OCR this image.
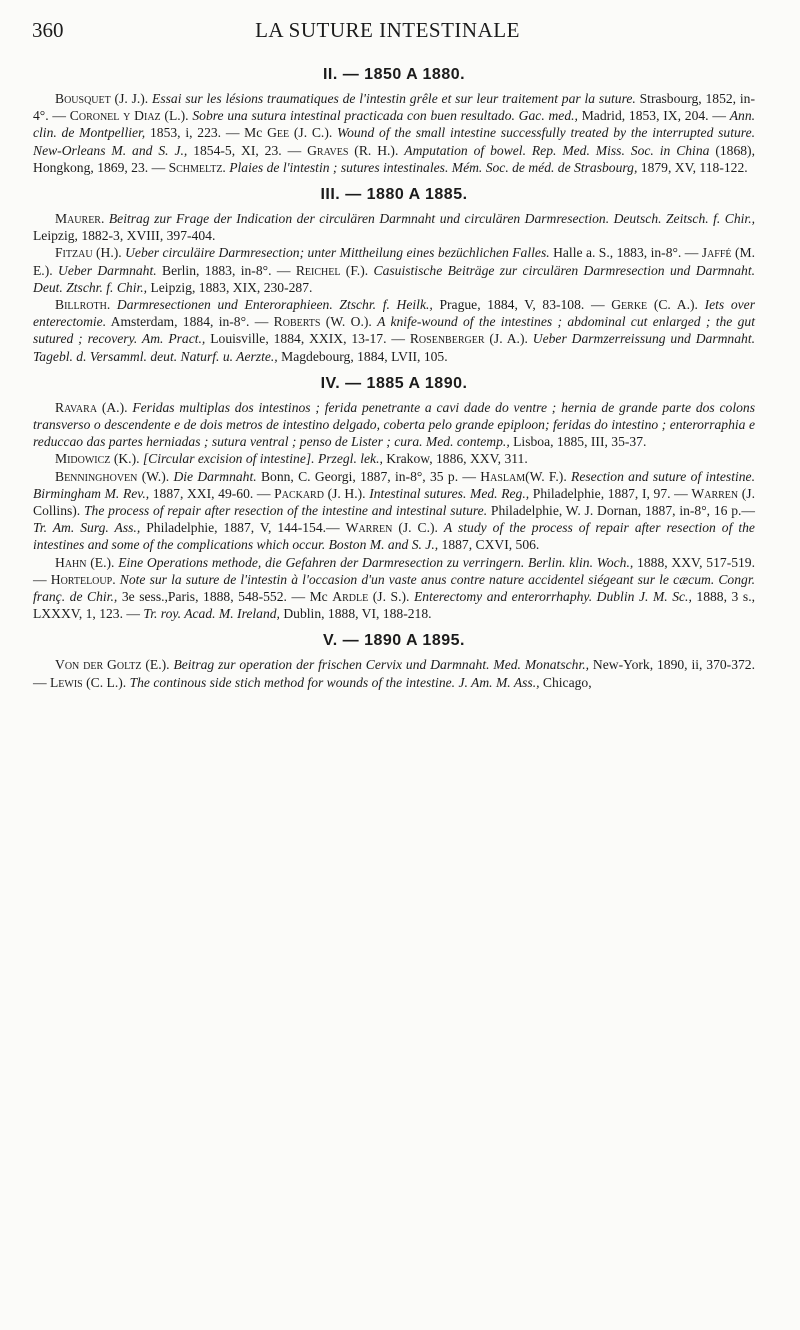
360	LA SUTURE INTESTINALE
II. — 1850 A 1880.

Bousquet (J. J.). Essai sur les lésions traumatiques de l'intestin grêle et sur leur traitement par la suture. Strasbourg, 1852, in-4°. — Coronel y Diaz (L.). Sobre una sutura intestinal practicada con buen resultado. Gac. med., Madrid, 1853, IX, 204. — Ann. clin. de Montpellier, 1853, i, 223. — Mc Gee (J. C.). Wound of the small intestine successfully treated by the interrupted suture. New-Orleans M. and S. J., 1854-5, XI, 23. — Graves (R. H.). Amputation of bowel. Rep. Med. Miss. Soc. in China (1868), Hongkong, 1869, 23. — Schmeltz. Plaies de l'intestin ; sutures intestinales. Mém. Soc. de méd. de Strasbourg, 1879, XV, 118-122.

III. — 1880 A 1885.

Maurer. Beitrag zur Frage der Indication der circulären Darmnaht und circulären Darmresection. Deutsch. Zeitsch. f. Chir., Leipzig, 1882-3, XVIII, 397-404.

Fitzau (H.). Ueber circuläire Darmresection; unter Mittheilung eines bezüchlichen Falles. Halle a. S., 1883, in-8°. — Jaffé (M. E.). Ueber Darmnaht. Berlin, 1883, in-8°. — Reichel (F.). Casuistische Beiträge zur circulären Darmresection und Darmnaht. Deut. Ztschr. f. Chir., Leipzig, 1883, XIX, 230-287.

Billroth. Darmresectionen und Enteroraphieen. Ztschr. f. Heilk., Prague, 1884, V, 83-108. — Gerke (C. A.). Iets over enterectomie. Amsterdam, 1884, in-8°. — Roberts (W. O.). A knife-wound of the intestines ; abdominal cut enlarged ; the gut sutured ; recovery. Am. Pract., Louisville, 1884, XXIX, 13-17. — Rosenberger (J. A.). Ueber Darmzerreissung und Darmnaht. Tagebl. d. Versamml. deut. Naturf. u. Aerzte., Magdebourg, 1884, LVII, 105.

IV. — 1885 A 1890.

Ravara (A.). Feridas multiplas dos intestinos ; ferida penetrante a cavi dade do ventre ; hernia de grande parte dos colons transverso o descendente e de dois metros de intestino delgado, coberta pelo grande epiploon; feridas do intestino ; enterorraphia e reduccao das partes herniadas ; sutura ventral ; penso de Lister ; cura. Med. contemp., Lisboa, 1885, III, 35-37.

Midowicz (K.). [Circular excision of intestine]. Przegl. lek., Krakow, 1886, XXV, 311.

Benninghoven (W.). Die Darmnaht. Bonn, C. Georgi, 1887, in-8°, 35 p. — Haslam(W. F.). Resection and suture of intestine. Birmingham M. Rev., 1887, XXI, 49-60. — Packard (J. H.). Intestinal sutures. Med. Reg., Philadelphie, 1887, I, 97. — Warren (J. Collins). The process of repair after resection of the intestine and intestinal suture. Philadelphie, W. J. Dornan, 1887, in-8°, 16 p.— Tr. Am. Surg. Ass., Philadelphie, 1887, V, 144-154.— Warren (J. C.). A study of the process of repair after resection of the intestines and some of the complications which occur. Boston M. and S. J., 1887, CXVI, 506.

Hahn (E.). Eine Operations methode, die Gefahren der Darmresection zu verringern. Berlin. klin. Woch., 1888, XXV, 517-519.— Horteloup. Note sur la suture de l'intestin à l'occasion d'un vaste anus contre nature accidentel siégeant sur le cæcum. Congr. franç. de Chir., 3e sess.,Paris, 1888, 548-552. — Mc Ardle (J. S.). Enterectomy and enterorrhaphy. Dublin J. M. Sc., 1888, 3 s., LXXXV, 1, 123. — Tr. roy. Acad. M. Ireland, Dublin, 1888, VI, 188-218.

V. — 1890 A 1895.

Von der Goltz (E.). Beitrag zur operation der frischen Cervix und Darmnaht. Med. Monatschr., New-York, 1890, ii, 370-372. — Lewis (C. L.). The continous side stich method for wounds of the intestine. J. Am. M. Ass., Chicago,
